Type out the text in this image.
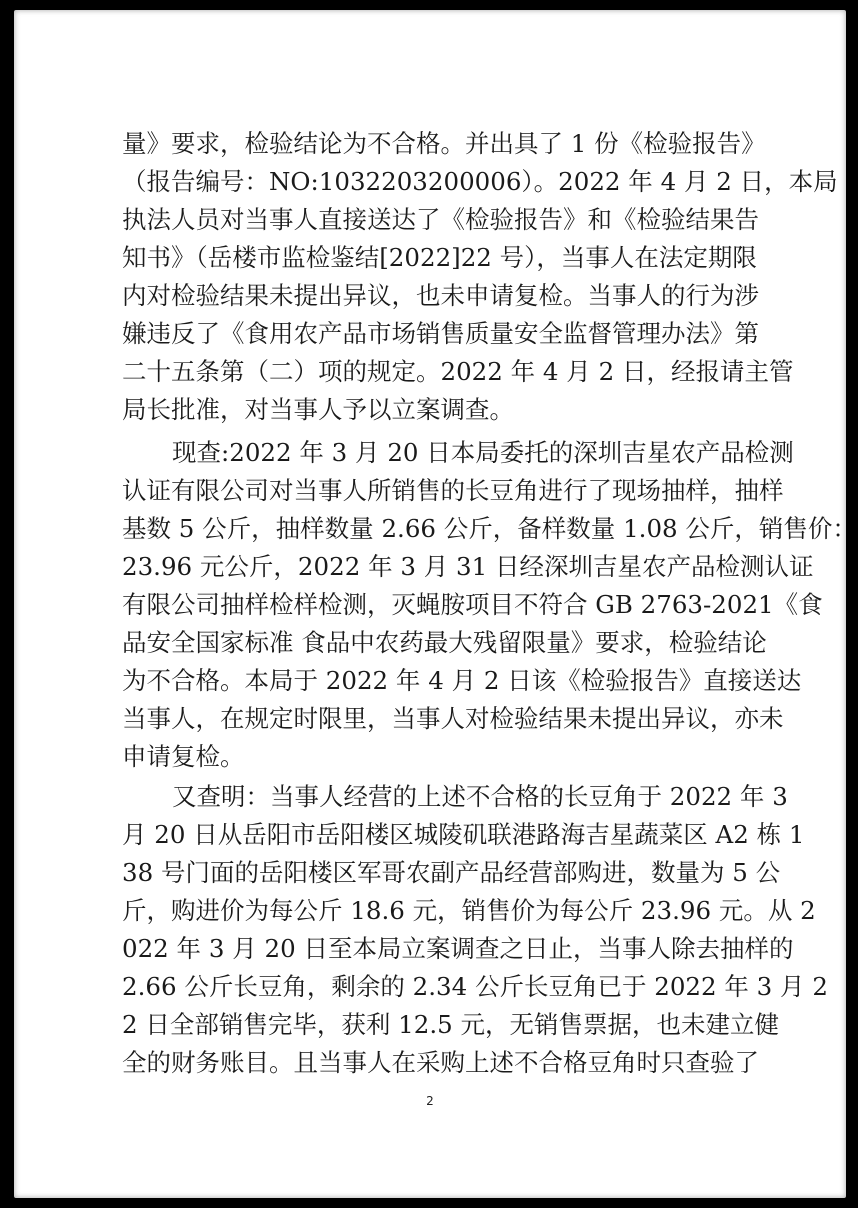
量》要求，检验结论为不合格。并出具了 1 份《检验报告》
（报告编号：NO:1032203200006）。2022 年 4 月 2 日，本局
执法人员对当事人直接送达了《检验报告》和《检验结果告
知书》（岳楼市监检鉴结[2022]22 号），当事人在法定期限
内对检验结果未提出异议，也未申请复检。当事人的行为涉
嫌违反了《食用农产品市场销售质量安全监督管理办法》第
二十五条第（二）项的规定。2022 年 4 月 2 日，经报请主管
局长批准，对当事人予以立案调查。
现查:2022 年 3 月 20 日本局委托的深圳吉星农产品检测
认证有限公司对当事人所销售的长豆角进行了现场抽样，抽样
基数 5 公斤，抽样数量 2.66 公斤，备样数量 1.08 公斤，销售价：
23.96 元公斤，2022 年 3 月 31 日经深圳吉星农产品检测认证
有限公司抽样检样检测，灭蝇胺项目不符合 GB 2763-2021《食
品安全国家标准 食品中农药最大残留限量》要求，检验结论
为不合格。本局于 2022 年 4 月 2 日该《检验报告》直接送达
当事人，在规定时限里，当事人对检验结果未提出异议，亦未
申请复检。
又查明：当事人经营的上述不合格的长豆角于 2022 年 3
月 20 日从岳阳市岳阳楼区城陵矶联港路海吉星蔬菜区 A2 栋 1
38 号门面的岳阳楼区军哥农副产品经营部购进，数量为 5 公
斤，购进价为每公斤 18.6 元，销售价为每公斤 23.96 元。从 2
022 年 3 月 20 日至本局立案调查之日止，当事人除去抽样的
2.66 公斤长豆角，剩余的 2.34 公斤长豆角已于 2022 年 3 月 2
2 日全部销售完毕，获利 12.5 元，无销售票据，也未建立健
全的财务账目。且当事人在采购上述不合格豆角时只查验了
2
